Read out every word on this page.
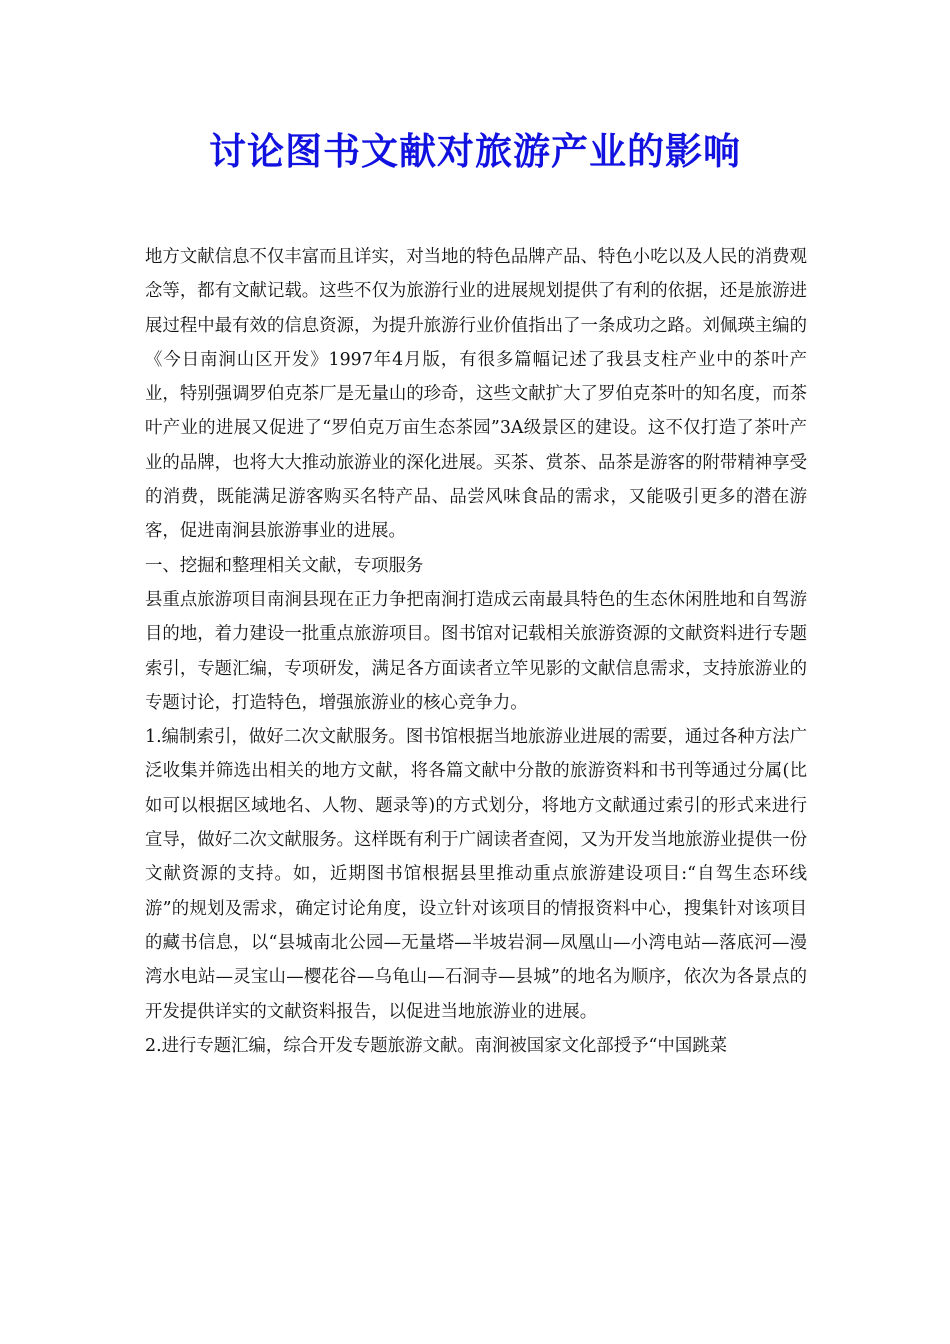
讨论图书文献对旅游产业的影响

地方文献信息不仅丰富而且详实，对当地的特色品牌产品、特色小吃以及人民的消费观念等，都有文献记载。这些不仅为旅游行业的进展规划提供了有利的依据，还是旅游进展过程中最有效的信息资源，为提升旅游行业价值指出了一条成功之路。刘佩瑛主编的《今日南涧山区开发》1997年4月版，有很多篇幅记述了我县支柱产业中的茶叶产业，特别强调罗伯克茶厂是无量山的珍奇，这些文献扩大了罗伯克茶叶的知名度，而茶叶产业的进展又促进了“罗伯克万亩生态茶园”3A级景区的建设。这不仅打造了茶叶产业的品牌，也将大大推动旅游业的深化进展。买茶、赏茶、品茶是游客的附带精神享受的消费，既能满足游客购买名特产品、品尝风味食品的需求，又能吸引更多的潜在游客，促进南涧县旅游事业的进展。

一、挖掘和整理相关文献，专项服务

县重点旅游项目南涧县现在正力争把南涧打造成云南最具特色的生态休闲胜地和自驾游目的地，着力建设一批重点旅游项目。图书馆对记载相关旅游资源的文献资料进行专题索引，专题汇编，专项研发，满足各方面读者立竿见影的文献信息需求，支持旅游业的专题讨论，打造特色，增强旅游业的核心竞争力。

1.编制索引，做好二次文献服务。图书馆根据当地旅游业进展的需要，通过各种方法广泛收集并筛选出相关的地方文献，将各篇文献中分散的旅游资料和书刊等通过分属(比如可以根据区域地名、人物、题录等)的方式划分，将地方文献通过索引的形式来进行宣导，做好二次文献服务。这样既有利于广阔读者查阅，又为开发当地旅游业提供一份文献资源的支持。如，近期图书馆根据县里推动重点旅游建设项目:“自驾生态环线游”的规划及需求，确定讨论角度，设立针对该项目的情报资料中心，搜集针对该项目的藏书信息，以“县城南北公园—无量塔—半坡岩洞—凤凰山—小湾电站—落底河—漫湾水电站—灵宝山—樱花谷—乌龟山—石洞寺—县城”的地名为顺序，依次为各景点的开发提供详实的文献资料报告，以促进当地旅游业的进展。

2.进行专题汇编，综合开发专题旅游文献。南涧被国家文化部授予“中国跳菜
